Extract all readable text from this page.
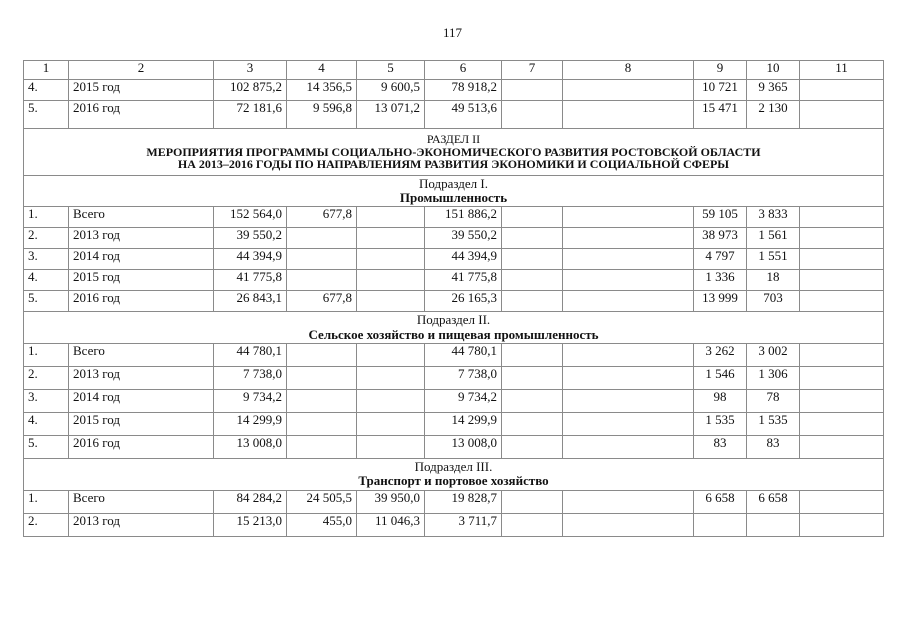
117
1	2	3	4	5	6	7	8	9	10	11
4.	2015 год	102 875,2	14 356,5	9 600,5	78 918,2			10 721	9 365	
5.	2016 год	72 181,6	9 596,8	13 071,2	49 513,6			15 471	2 130	

РАЗДЕЛ II
МЕРОПРИЯТИЯ ПРОГРАММЫ СОЦИАЛЬНО-ЭКОНОМИЧЕСКОГО РАЗВИТИЯ РОСТОВСКОЙ ОБЛАСТИ
НА 2013–2016 ГОДЫ ПО НАПРАВЛЕНИЯМ РАЗВИТИЯ ЭКОНОМИКИ И СОЦИАЛЬНОЙ СФЕРЫ										

Подраздел I.
Промышленность										

1.	Всего	152 564,0	677,8		151 886,2			59 105	3 833	
2.	2013 год	39 550,2			39 550,2			38 973	1 561	
3.	2014 год	44 394,9			44 394,9			4 797	1 551	
4.	2015 год	41 775,8			41 775,8			1 336	18	
5.	2016 год	26 843,1	677,8		26 165,3			13 999	703	

Подраздел II.
Сельское хозяйство и пищевая промышленность										

1.	Всего	44 780,1			44 780,1			3 262	3 002	
2.	2013 год	7 738,0			7 738,0			1 546	1 306	
3.	2014 год	9 734,2			9 734,2			98	78	
4.	2015 год	14 299,9			14 299,9			1 535	1 535	
5.	2016 год	13 008,0			13 008,0			83	83	

Подраздел III.
Транспорт и портовое хозяйство										

1.	Всего	84 284,2	24 505,5	39 950,0	19 828,7			6 658	6 658	
2.	2013 год	15 213,0	455,0	11 046,3	3 711,7					
